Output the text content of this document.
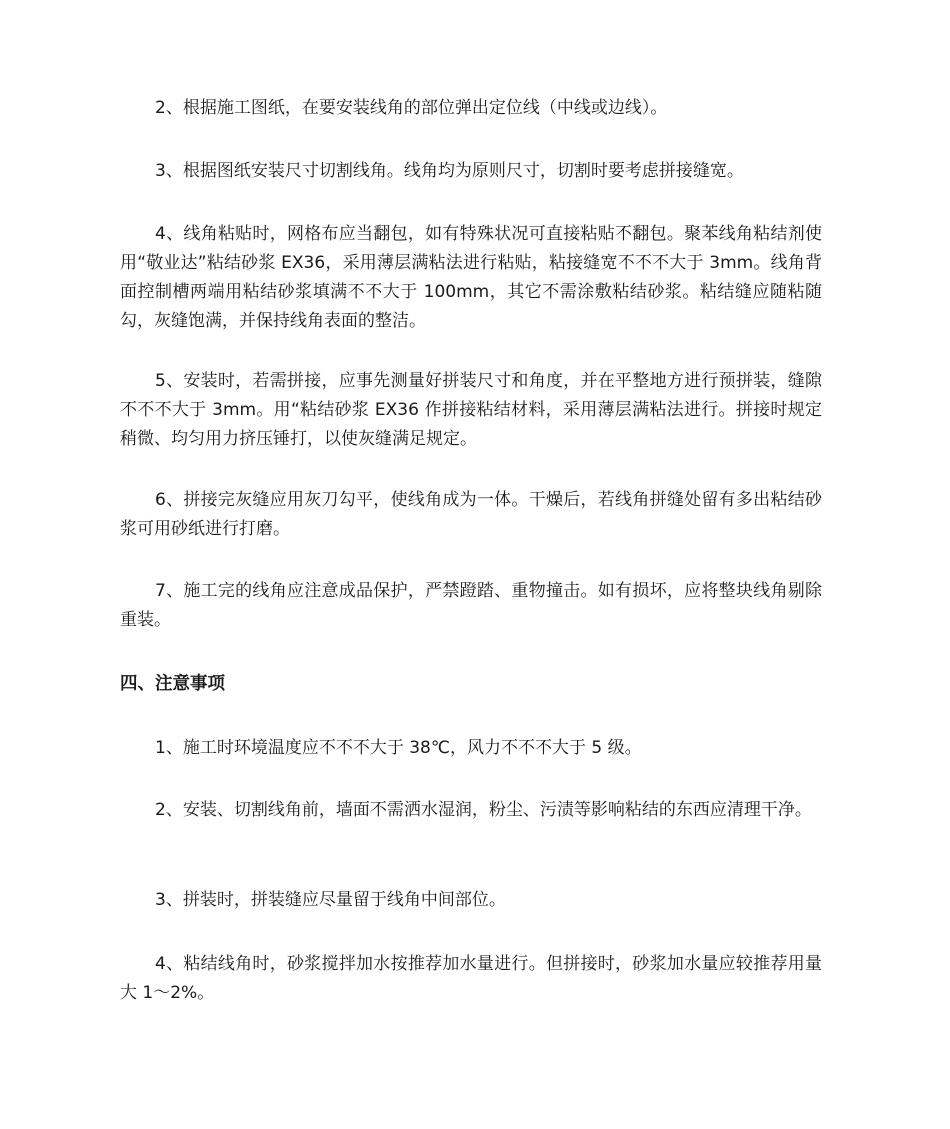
2、根据施工图纸，在要安装线角的部位弹出定位线（中线或边线）。

3、根据图纸安装尺寸切割线角。线角均为原则尺寸，切割时要考虑拼接缝宽。

4、线角粘贴时，网格布应当翻包，如有特殊状况可直接粘贴不翻包。聚苯线角粘结剂使用“敬业达”粘结砂浆 EX36，采用薄层满粘法进行粘贴，粘接缝宽不不不大于 3mm。线角背面控制槽两端用粘结砂浆填满不不大于 100mm，其它不需涂敷粘结砂浆。粘结缝应随粘随勾，灰缝饱满，并保持线角表面的整洁。

5、安装时，若需拼接，应事先测量好拼装尺寸和角度，并在平整地方进行预拼装，缝隙不不不大于 3mm。用“粘结砂浆 EX36 作拼接粘结材料，采用薄层满粘法进行。拼接时规定稍微、均匀用力挤压锤打，以使灰缝满足规定。

6、拼接完灰缝应用灰刀勾平，使线角成为一体。干燥后，若线角拼缝处留有多出粘结砂浆可用砂纸进行打磨。

7、施工完的线角应注意成品保护，严禁蹬踏、重物撞击。如有损坏，应将整块线角剔除重装。

四、注意事项

1、施工时环境温度应不不不大于 38℃，风力不不不大于 5 级。

2、安装、切割线角前，墙面不需洒水湿润，粉尘、污渍等影响粘结的东西应清理干净。

3、拼装时，拼装缝应尽量留于线角中间部位。

4、粘结线角时，砂浆搅拌加水按推荐加水量进行。但拼接时，砂浆加水量应较推荐用量大 1～2%。
